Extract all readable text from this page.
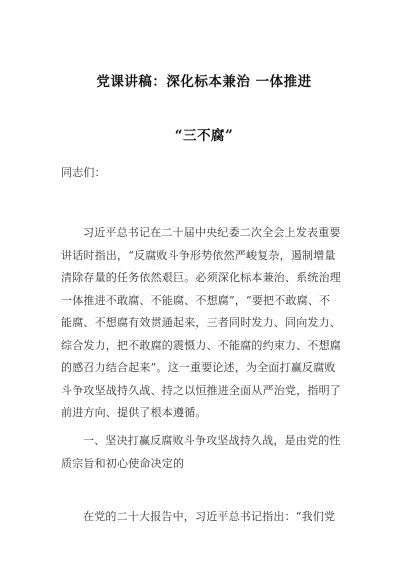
党课讲稿：深化标本兼治 一体推进
“三不腐”
同志们：
习近平总书记在二十届中央纪委二次全会上发表重要
讲话时指出，“反腐败斗争形势依然严峻复杂，遏制增量
清除存量的任务依然艰巨。必须深化标本兼治、系统治理
一体推进不敢腐、不能腐、不想腐”，“要把不敢腐、不
能腐、不想腐有效贯通起来，三者同时发力、同向发力、
综合发力，把不敢腐的震慑力、不能腐的约束力、不想腐
的感召力结合起来”。这一重要论述，为全面打赢反腐败
斗争攻坚战持久战、持之以恒推进全面从严治党，指明了
前进方向、提供了根本遵循。
一、坚决打赢反腐败斗争攻坚战持久战，是由党的性
质宗旨和初心使命决定的
在党的二十大报告中，习近平总书记指出：“我们党
